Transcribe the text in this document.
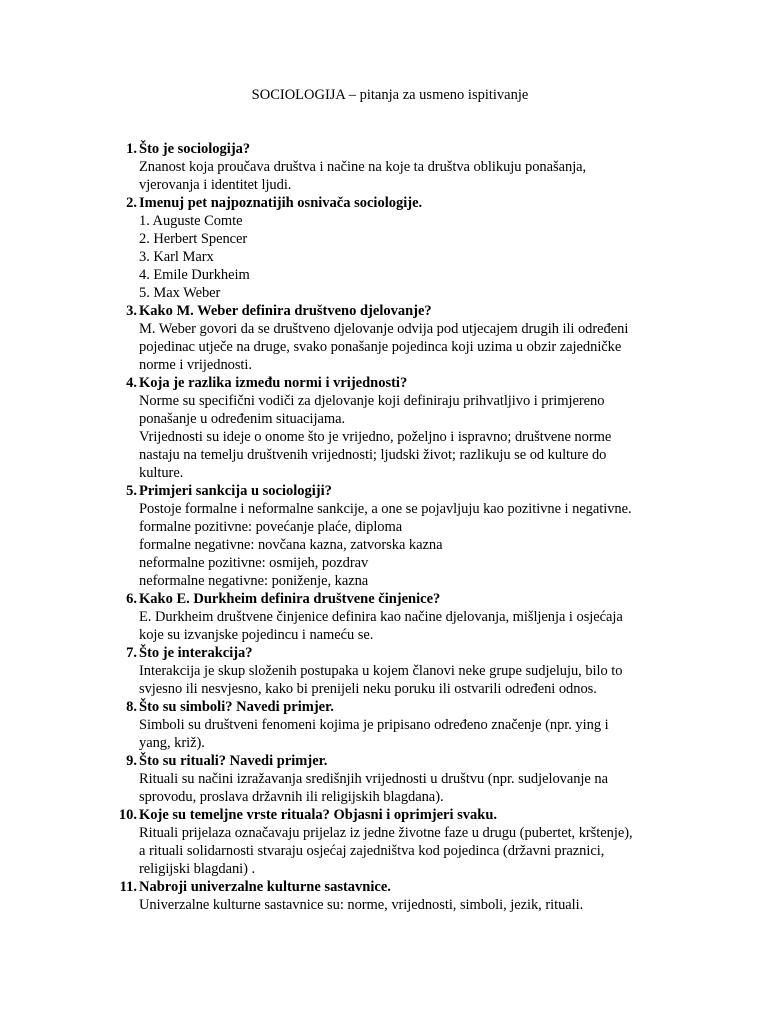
SOCIOLOGIJA – pitanja za usmeno ispitivanje
1. Što je sociologija?

Znanost koja proučava društva i načine na koje ta društva oblikuju ponašanja,
vjerovanja i identitet ljudi.
2. Imenuj pet najpoznatijih osnivača sociologije.

1. Auguste Comte
2. Herbert Spencer
3. Karl Marx
4. Emile Durkheim
5. Max Weber
3. Kako M. Weber definira društveno djelovanje?

M. Weber govori da se društveno djelovanje odvija pod utjecajem drugih ili određeni
pojedinac utječe na druge, svako ponašanje pojedinca koji uzima u obzir zajedničke
norme i vrijednosti.
4. Koja je razlika između normi i vrijednosti?

Norme su specifični vodiči za djelovanje koji definiraju prihvatljivo i primjereno
ponašanje u određenim situacijama.
Vrijednosti su ideje o onome što je vrijedno, poželjno i ispravno; društvene norme
nastaju na temelju društvenih vrijednosti; ljudski život; razlikuju se od kulture do
kulture.
5. Primjeri sankcija u sociologiji?

Postoje formalne i neformalne sankcije, a one se pojavljuju kao pozitivne i negativne.
formalne pozitivne: povećanje plaće, diploma
formalne negativne: novčana kazna, zatvorska kazna
neformalne pozitivne: osmijeh, pozdrav
neformalne negativne: poniženje, kazna
6. Kako E. Durkheim definira društvene činjenice?

E. Durkheim društvene činjenice definira kao načine djelovanja, mišljenja i osjećaja
koje su izvanjske pojedincu i nameću se.
7. Što je interakcija?

Interakcija je skup složenih postupaka u kojem članovi neke grupe sudjeluju, bilo to
svjesno ili nesvjesno, kako bi prenijeli neku poruku ili ostvarili određeni odnos.
8. Što su simboli? Navedi primjer.

Simboli su društveni fenomeni kojima je pripisano određeno značenje (npr. ying i
yang, križ).
9. Što su rituali? Navedi primjer.

Rituali su načini izražavanja središnjih vrijednosti u društvu (npr. sudjelovanje na
sprovodu, proslava državnih ili religijskih blagdana).
10. Koje su temeljne vrste rituala? Objasni i oprimjeri svaku.

Rituali prijelaza označavaju prijelaz iz jedne životne faze u drugu (pubertet, krštenje),
a rituali solidarnosti stvaraju osjećaj zajedništva kod pojedinca (državni praznici,
religijski blagdani) .
11. Nabroji univerzalne kulturne sastavnice.

Univerzalne kulturne sastavnice su: norme, vrijednosti, simboli, jezik, rituali.
